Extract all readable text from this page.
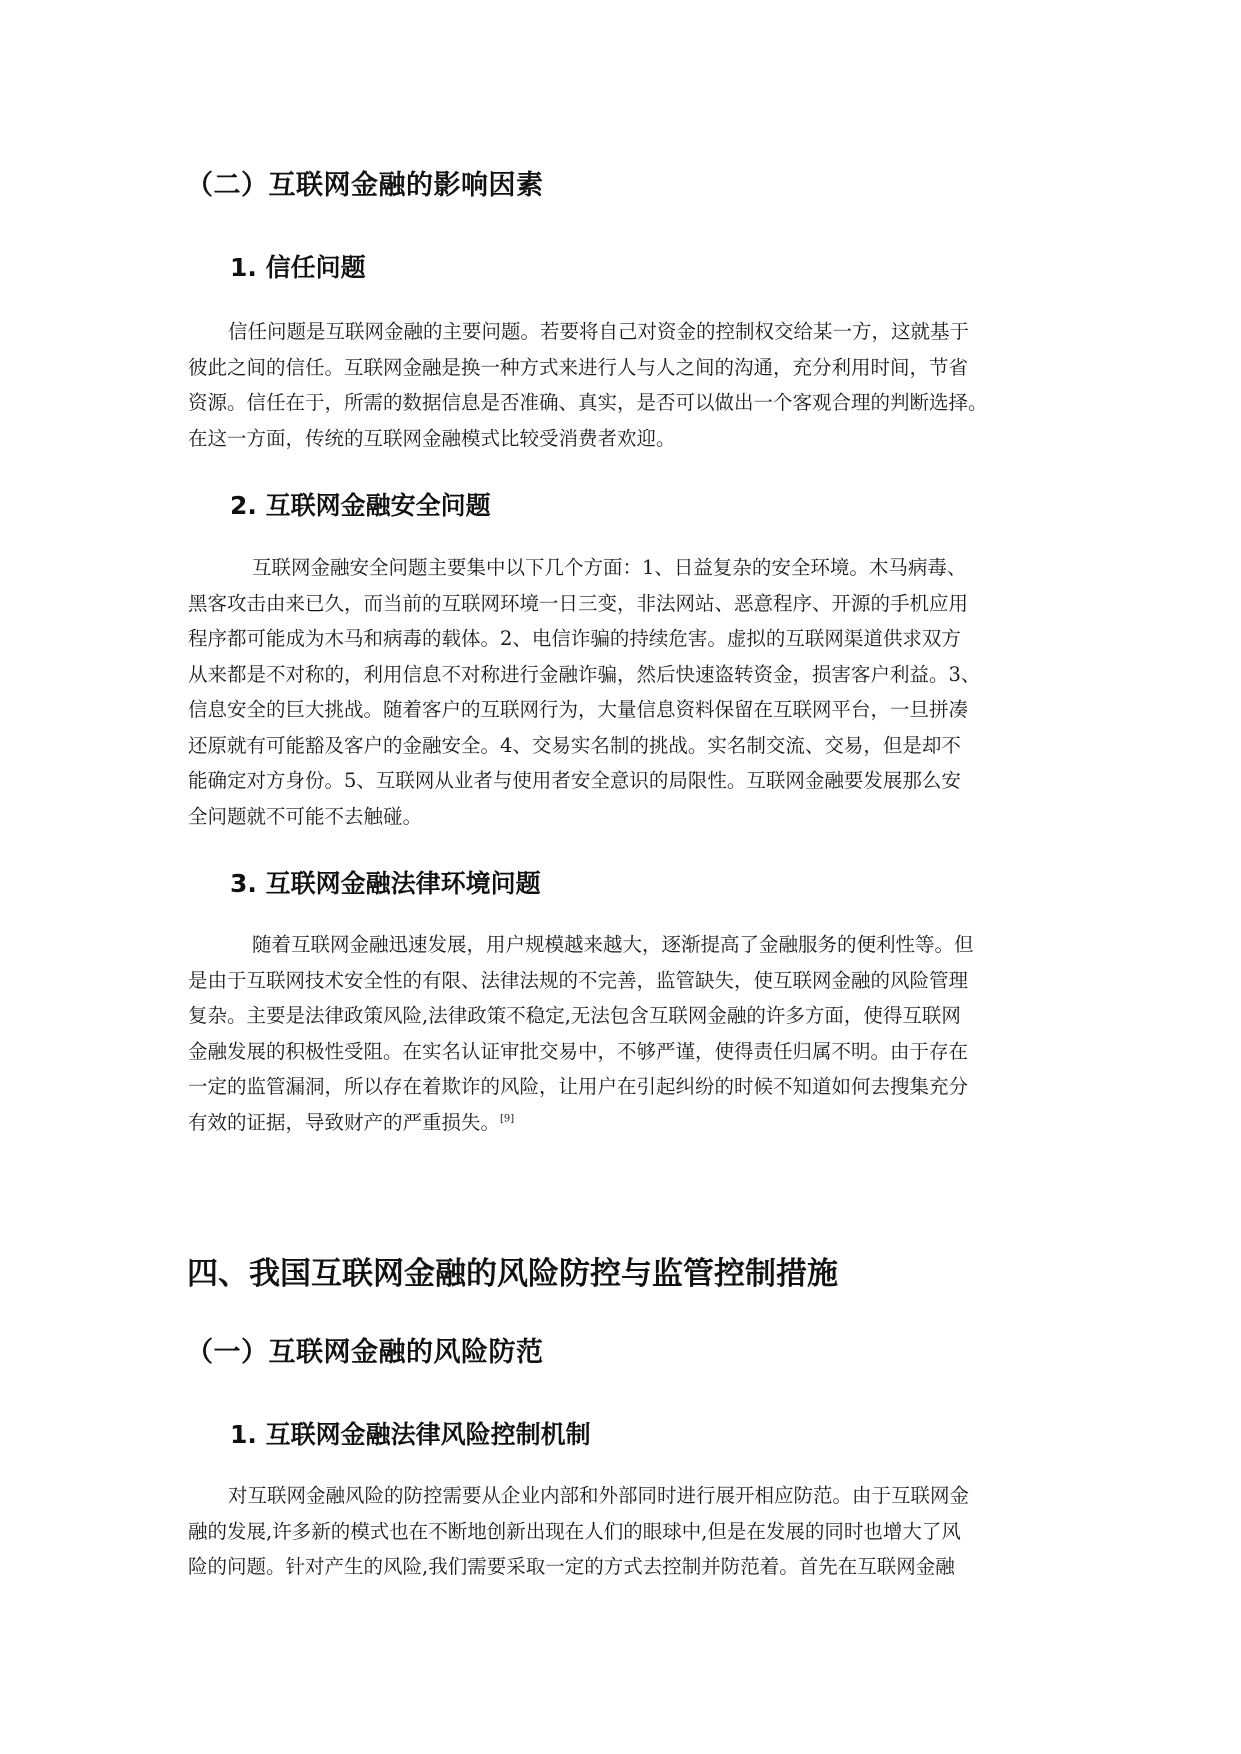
（二）互联网金融的影响因素
1. 信任问题

信任问题是互联网金融的主要问题。若要将自己对资金的控制权交给某一方，这就基于
彼此之间的信任。互联网金融是换一种方式来进行人与人之间的沟通，充分利用时间，节省
资源。信任在于，所需的数据信息是否准确、真实，是否可以做出一个客观合理的判断选择。
在这一方面，传统的互联网金融模式比较受消费者欢迎。

2. 互联网金融安全问题

互联网金融安全问题主要集中以下几个方面：1、日益复杂的安全环境。木马病毒、
黑客攻击由来已久，而当前的互联网环境一日三变，非法网站、恶意程序、开源的手机应用
程序都可能成为木马和病毒的载体。2、电信诈骗的持续危害。虚拟的互联网渠道供求双方
从来都是不对称的，利用信息不对称进行金融诈骗，然后快速盗转资金，损害客户利益。3、
信息安全的巨大挑战。随着客户的互联网行为，大量信息资料保留在互联网平台，一旦拼凑
还原就有可能豁及客户的金融安全。4、交易实名制的挑战。实名制交流、交易，但是却不
能确定对方身份。5、互联网从业者与使用者安全意识的局限性。互联网金融要发展那么安
全问题就不可能不去触碰。

3. 互联网金融法律环境问题

随着互联网金融迅速发展，用户规模越来越大，逐渐提高了金融服务的便利性等。但
是由于互联网技术安全性的有限、法律法规的不完善，监管缺失，使互联网金融的风险管理
复杂。主要是法律政策风险,法律政策不稳定,无法包含互联网金融的许多方面，使得互联网
金融发展的积极性受阻。在实名认证审批交易中，不够严谨，使得责任归属不明。由于存在
一定的监管漏洞，所以存在着欺诈的风险，让用户在引起纠纷的时候不知道如何去搜集充分
有效的证据，导致财产的严重损失。[9]

四、我国互联网金融的风险防控与监管控制措施
（一）互联网金融的风险防范
1. 互联网金融法律风险控制机制

对互联网金融风险的防控需要从企业内部和外部同时进行展开相应防范。由于互联网金
融的发展,许多新的模式也在不断地创新出现在人们的眼球中,但是在发展的同时也增大了风
险的问题。针对产生的风险,我们需要采取一定的方式去控制并防范着。首先在互联网金融
